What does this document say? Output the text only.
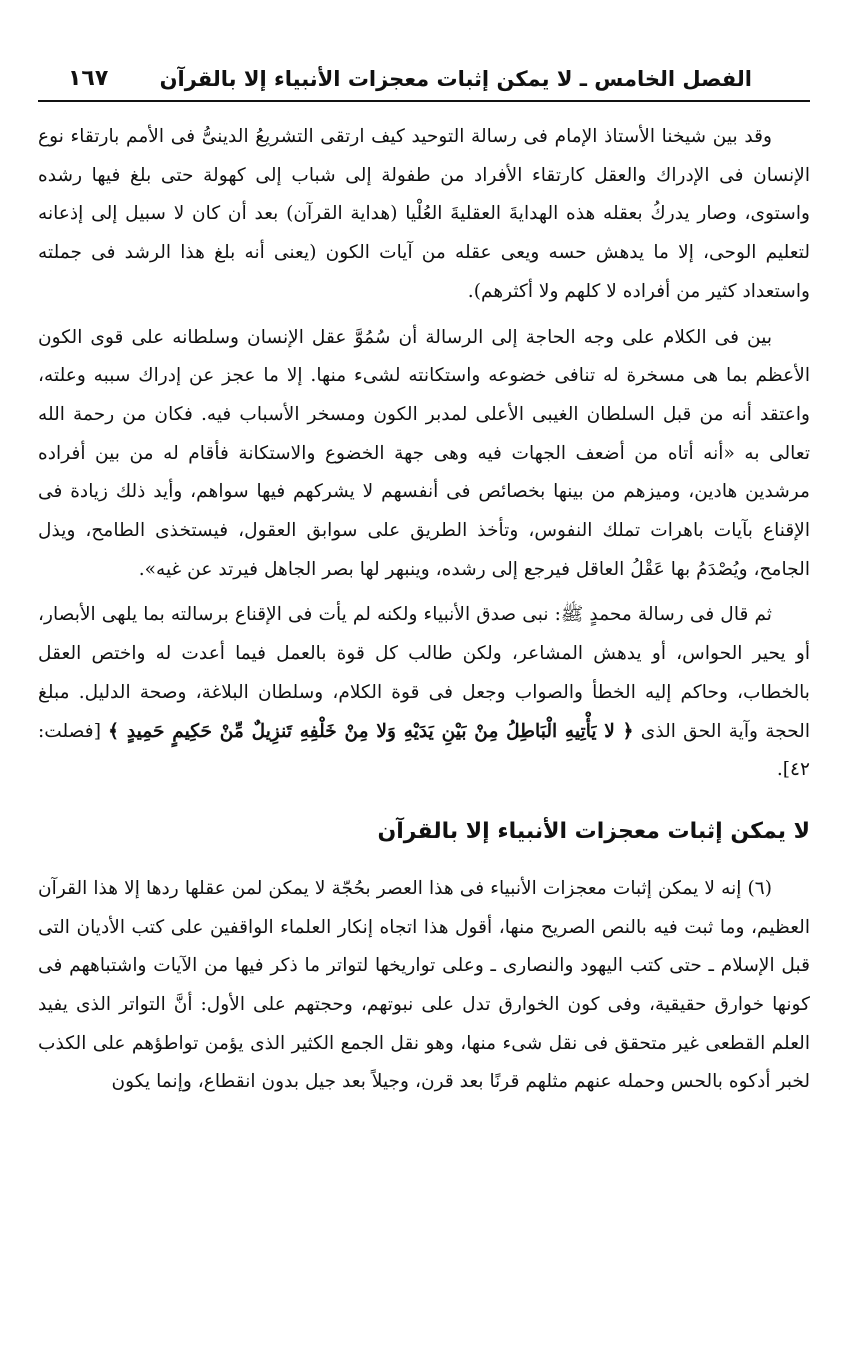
الفصل الخامس ـ لا يمكن إثبات معجزات الأنبياء إلا بالقرآن
١٦٧

وقد بين شيخنا الأستاذ الإمام فى رسالة التوحيد كيف ارتقى التشريعُ الدينىُّ فى الأمم بارتقاء نوع الإنسان فى الإدراك والعقل كارتقاء الأفراد من طفولة إلى شباب إلى كهولة حتى بلغ فيها رشده واستوى، وصار يدركُ بعقله هذه الهدايةَ العقليةَ العُلْيا (هداية القرآن) بعد أن كان لا سبيل إلى إذعانه لتعليم الوحى، إلا ما يدهش حسه ويعى عقله من آيات الكون (يعنى أنه بلغ هذا الرشد فى جملته واستعداد كثير من أفراده لا كلهم ولا أكثرهم).

بين فى الكلام على وجه الحاجة إلى الرسالة أن سُمُوَّ عقل الإنسان وسلطانه على قوى الكون الأعظم بما هى مسخرة له تنافى خضوعه واستكانته لشىء منها. إلا ما عجز عن إدراك سببه وعلته، واعتقد أنه من قبل السلطان الغيبى الأعلى لمدبر الكون ومسخر الأسباب فيه. فكان من رحمة الله تعالى به «أنه أتاه من أضعف الجهات فيه وهى جهة الخضوع والاستكانة فأقام له من بين أفراده مرشدين هادين، وميزهم من بينها بخصائص فى أنفسهم لا يشركهم فيها سواهم، وأيد ذلك زيادة فى الإقناع بآيات باهرات تملك النفوس، وتأخذ الطريق على سوابق العقول، فيستخذى الطامح، ويذل الجامح، ويُصْدَمُ بها عَقْلُ العاقل فيرجع إلى رشده، وينبهر لها بصر الجاهل فيرتد عن غيه».

ثم قال فى رسالة محمدٍ ﷺ: نبى صدق الأنبياء ولكنه لم يأت فى الإقناع برسالته بما يلهى الأبصار، أو يحير الحواس، أو يدهش المشاعر، ولكن طالب كل قوة بالعمل فيما أعدت له واختص العقل بالخطاب، وحاكم إليه الخطأ والصواب وجعل فى قوة الكلام، وسلطان البلاغة، وصحة الدليل. مبلغ الحجة وآية الحق الذى ﴿ لا يَأْتِيهِ الْبَاطِلُ مِنْ بَيْنِ يَدَيْهِ وَلا مِنْ خَلْفِهِ تَنزِيلٌ مِّنْ حَكِيمٍ حَمِيدٍ ﴾ [فصلت: ٤٢].

لا يمكن إثبات معجزات الأنبياء إلا بالقرآن

(٦) إنه لا يمكن إثبات معجزات الأنبياء فى هذا العصر بحُجّة لا يمكن لمن عقلها ردها إلا هذا القرآن العظيم، وما ثبت فيه بالنص الصريح منها، أقول هذا اتجاه إنكار العلماء الواقفين على كتب الأديان التى قبل الإسلام ـ حتى كتب اليهود والنصارى ـ وعلى تواريخها لتواتر ما ذكر فيها من الآيات واشتباههم فى كونها خوارق حقيقية، وفى كون الخوارق تدل على نبوتهم، وحجتهم على الأول: أنَّ التواتر الذى يفيد العلم القطعى غير متحقق فى نقل شىء منها، وهو نقل الجمع الكثير الذى يؤمن تواطؤهم على الكذب لخبر أدكوه بالحس وحمله عنهم مثلهم قرنًا بعد قرن، وجيلاً بعد جيل بدون انقطاع، وإنما يكون
